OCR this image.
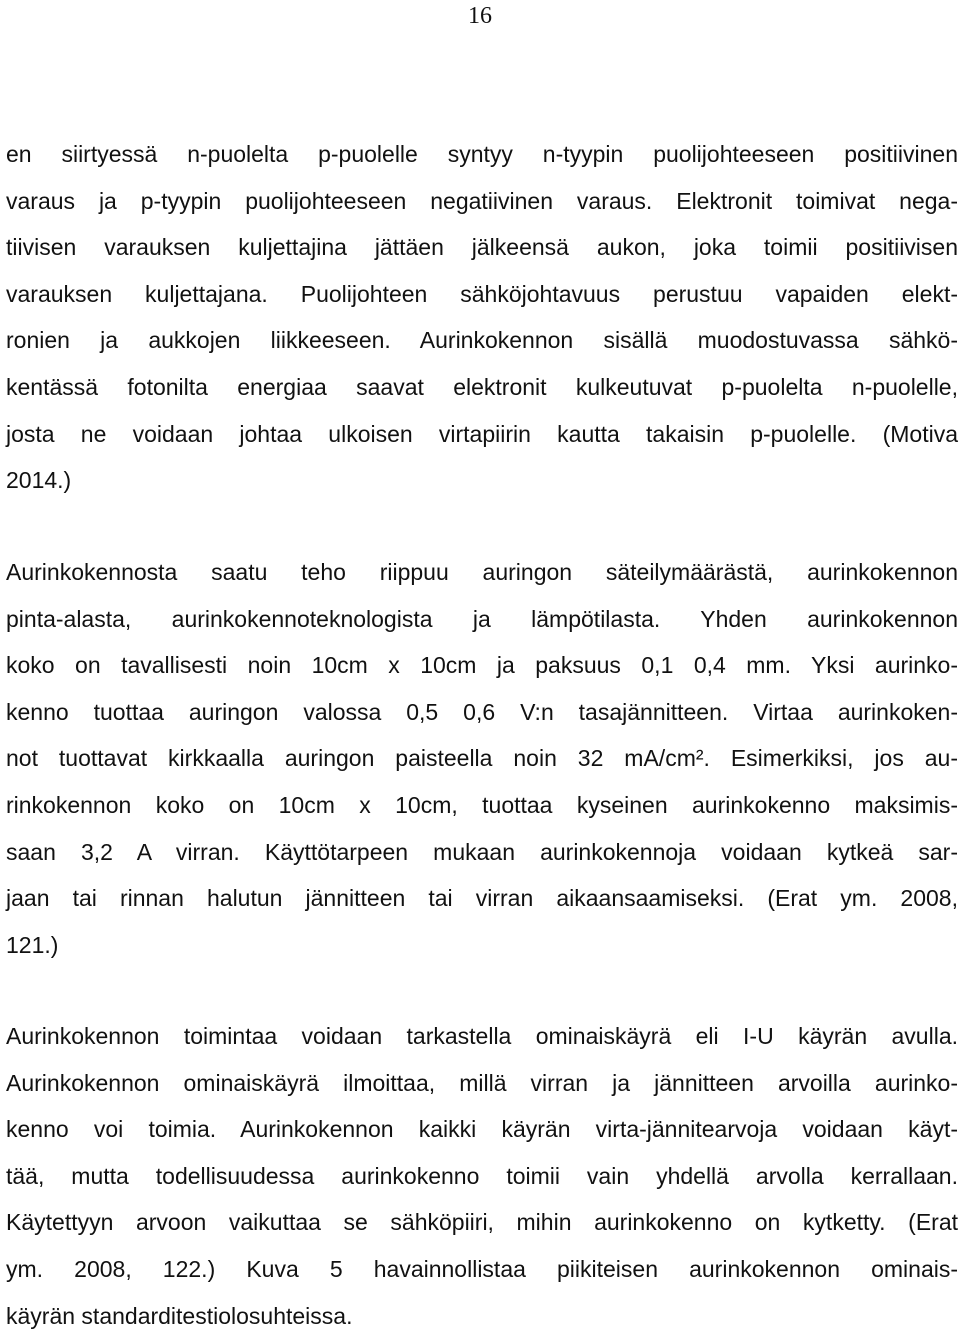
16

en siirtyessä n-puolelta p-puolelle syntyy n-tyypin puolijohteeseen positiivinen
varaus ja p-tyypin puolijohteeseen negatiivinen varaus. Elektronit toimivat nega-
tiivisen varauksen kuljettajina jättäen jälkeensä aukon, joka toimii positiivisen
varauksen kuljettajana. Puolijohteen sähköjohtavuus perustuu vapaiden elekt-
ronien ja aukkojen liikkeeseen. Aurinkokennon sisällä muodostuvassa sähkö-
kentässä fotonilta energiaa saavat elektronit kulkeutuvat p-puolelta n-puolelle,
josta ne voidaan johtaa ulkoisen virtapiirin kautta takaisin p-puolelle. (Motiva
2014.)

Aurinkokennosta saatu teho riippuu auringon säteilymäärästä, aurinkokennon
pinta-alasta, aurinkokennoteknologista ja lämpötilasta. Yhden aurinkokennon
koko on tavallisesti noin 10cm x 10cm ja paksuus 0,1 0,4 mm. Yksi aurinko-
kenno tuottaa auringon valossa 0,5 0,6 V:n tasajännitteen. Virtaa aurinkoken-
not tuottavat kirkkaalla auringon paisteella noin 32 mA/cm². Esimerkiksi, jos au-
rinkokennon koko on 10cm x 10cm, tuottaa kyseinen aurinkokenno maksimis-
saan 3,2 A virran. Käyttötarpeen mukaan aurinkokennoja voidaan kytkeä sar-
jaan tai rinnan halutun jännitteen tai virran aikaansaamiseksi. (Erat ym. 2008,
121.)

Aurinkokennon toimintaa voidaan tarkastella ominaiskäyrä eli I-U käyrän avulla.
Aurinkokennon ominaiskäyrä ilmoittaa, millä virran ja jännitteen arvoilla aurinko-
kenno voi toimia. Aurinkokennon kaikki käyrän virta-jännitearvoja voidaan käyt-
tää, mutta todellisuudessa aurinkokenno toimii vain yhdellä arvolla kerrallaan.
Käytettyyn arvoon vaikuttaa se sähköpiiri, mihin aurinkokenno on kytketty. (Erat
ym. 2008, 122.) Kuva 5 havainnollistaa piikiteisen aurinkokennon ominais-
käyrän standarditestiolosuhteissa.
